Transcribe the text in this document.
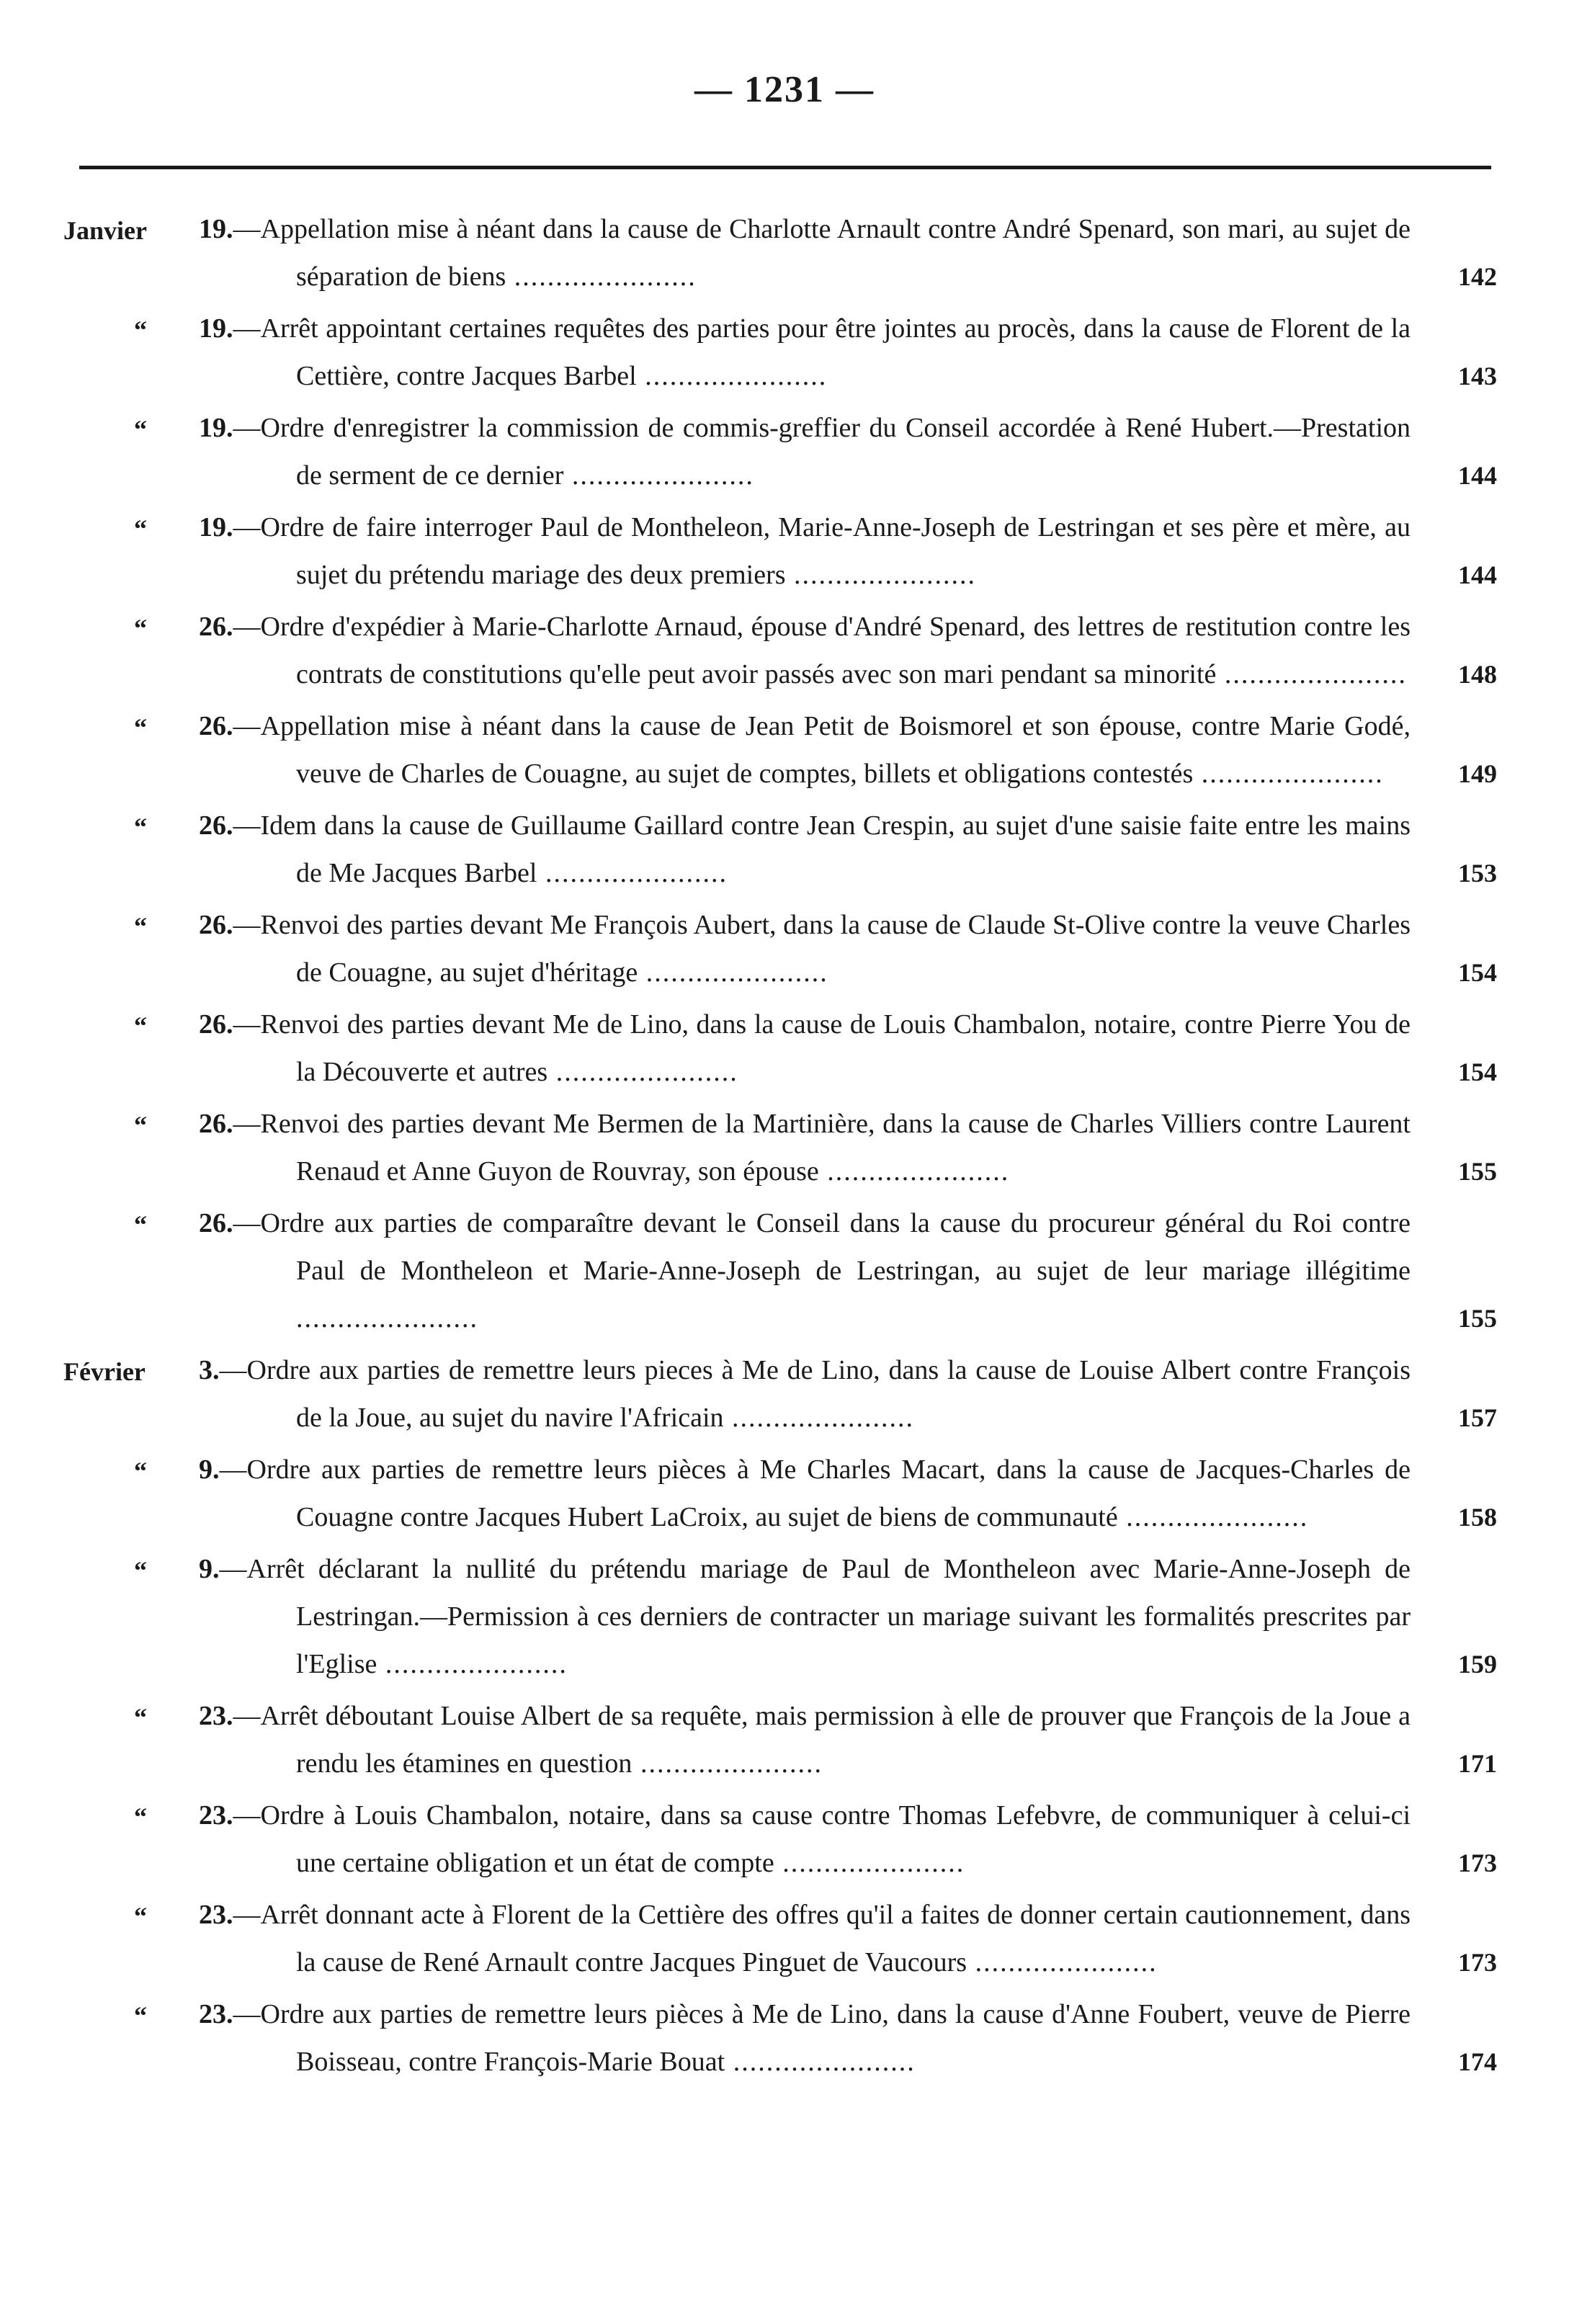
— 1231 —
Janvier	19.—Appellation mise à néant dans la cause de Charlotte Arnault contre André Spenard, son mari, au sujet de séparation de biens ......................	142
“	19.—Arrêt appointant certaines requêtes des parties pour être jointes au procès, dans la cause de Florent de la Cettière, contre Jacques Barbel ......................	143
“	19.—Ordre d'enregistrer la commission de commis-greffier du Conseil accordée à René Hubert.—Prestation de serment de ce dernier ......................	144
“	19.—Ordre de faire interroger Paul de Montheleon, Marie-Anne-Joseph de Lestringan et ses père et mère, au sujet du prétendu mariage des deux premiers ......................	144
“	26.—Ordre d'expédier à Marie-Charlotte Arnaud, épouse d'André Spenard, des lettres de restitution contre les contrats de constitutions qu'elle peut avoir passés avec son mari pendant sa minorité ......................	148
“	26.—Appellation mise à néant dans la cause de Jean Petit de Boismorel et son épouse, contre Marie Godé, veuve de Charles de Couagne, au sujet de comptes, billets et obligations contestés ......................	149
“	26.—Idem dans la cause de Guillaume Gaillard contre Jean Crespin, au sujet d'une saisie faite entre les mains de Me Jacques Barbel ......................	153
“	26.—Renvoi des parties devant Me François Aubert, dans la cause de Claude St-Olive contre la veuve Charles de Couagne, au sujet d'héritage ......................	154
“	26.—Renvoi des parties devant Me de Lino, dans la cause de Louis Chambalon, notaire, contre Pierre You de la Découverte et autres ......................	154
“	26.—Renvoi des parties devant Me Bermen de la Martinière, dans la cause de Charles Villiers contre Laurent Renaud et Anne Guyon de Rouvray, son épouse ......................	155
“	26.—Ordre aux parties de comparaître devant le Conseil dans la cause du procureur général du Roi contre Paul de Montheleon et Marie-Anne-Joseph de Lestringan, au sujet de leur mariage illégitime ......................	155
Février	3.—Ordre aux parties de remettre leurs pieces à Me de Lino, dans la cause de Louise Albert contre François de la Joue, au sujet du navire l'Africain ......................	157
“	9.—Ordre aux parties de remettre leurs pièces à Me Charles Macart, dans la cause de Jacques-Charles de Couagne contre Jacques Hubert LaCroix, au sujet de biens de communauté ......................	158
“	9.—Arrêt déclarant la nullité du prétendu mariage de Paul de Montheleon avec Marie-Anne-Joseph de Lestringan.—Permission à ces derniers de contracter un mariage suivant les formalités prescrites par l'Eglise ......................	159
“	23.—Arrêt déboutant Louise Albert de sa requête, mais permission à elle de prouver que François de la Joue a rendu les étamines en question ......................	171
“	23.—Ordre à Louis Chambalon, notaire, dans sa cause contre Thomas Lefebvre, de communiquer à celui-ci une certaine obligation et un état de compte ......................	173
“	23.—Arrêt donnant acte à Florent de la Cettière des offres qu'il a faites de donner certain cautionnement, dans la cause de René Arnault contre Jacques Pinguet de Vaucours ......................	173
“	23.—Ordre aux parties de remettre leurs pièces à Me de Lino, dans la cause d'Anne Foubert, veuve de Pierre Boisseau, contre François-Marie Bouat ......................	174
